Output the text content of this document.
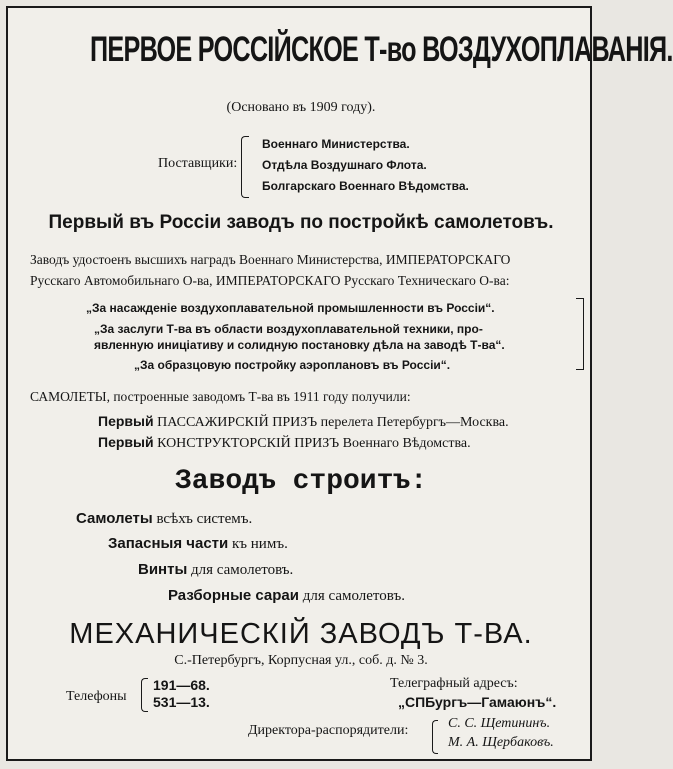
ПЕРВОЕ РОССІЙСКОЕ Т-во ВОЗДУХОПЛАВАНІЯ.
(Основано въ 1909 году).
Поставщики:
Военнаго Министерства.
Отдѣла Воздушнаго Флота.
Болгарскаго Военнаго Вѣдомства.
Первый въ Россіи заводъ по постройкѣ самолетовъ.
Заводъ удостоенъ высшихъ наградъ Военнаго Министерства, ИМПЕРАТОРСКАГО
Русскаго Автомобильнаго О-ва, ИМПЕРАТОРСКАГО Русскаго Техническаго О-ва:
„За насажденіе воздухоплавательной промышленности въ Россіи“.
„За заслуги Т-ва въ области воздухоплавательной техники, про-
явленную иниціативу и солидную постановку дѣла на заводѣ Т-ва“.
„За образцовую постройку аэроплановъ въ Россіи“.
САМОЛЕТЫ, построенные заводомъ Т-ва въ 1911 году получили:
Первый ПАССАЖИРСКІЙ ПРИЗЪ перелета Петербургъ—Москва.
Первый КОНСТРУКТОРСКІЙ ПРИЗЪ Военнаго Вѣдомства.
Заводъ строитъ:
Самолеты всѣхъ системъ.
Запасныя части къ нимъ.
Винты для самолетовъ.
Разборные сараи для самолетовъ.
МЕХАНИЧЕСКІЙ ЗАВОДЪ Т-ВА.
С.-Петербургъ, Корпусная ул., соб. д. № 3.
Телефоны
191—68.
531—13.
Телеграфный адресъ:
„СПБургъ—Гамаюнъ“.
Директора-распорядители:	С. С. Щетининъ.
М. А. Щербаковъ.
